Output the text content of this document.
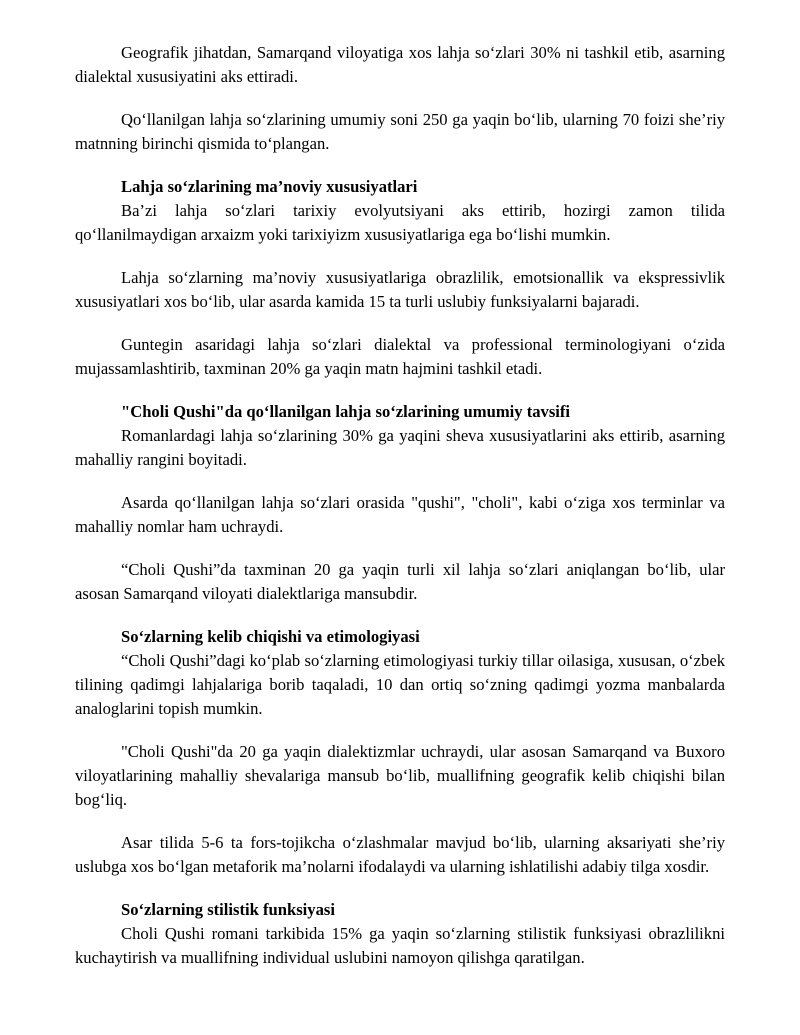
Geografik jihatdan, Samarqand viloyatiga xos lahja so‘zlari 30% ni tashkil etib, asarning dialektal xususiyatini aks ettiradi.

Qo‘llanilgan lahja so‘zlarining umumiy soni 250 ga yaqin bo‘lib, ularning 70 foizi she’riy matnning birinchi qismida to‘plangan.

Lahja so‘zlarining ma’noviy xususiyatlari

Ba’zi lahja so‘zlari tarixiy evolyutsiyani aks ettirib, hozirgi zamon tilida qo‘llanilmaydigan arxaizm yoki tarixiyizm xususiyatlariga ega bo‘lishi mumkin.

Lahja so‘zlarning ma’noviy xususiyatlariga obrazlilik, emotsionallik va ekspressivlik xususiyatlari xos bo‘lib, ular asarda kamida 15 ta turli uslubiy funksiyalarni bajaradi.

Guntegin asaridagi lahja so‘zlari dialektal va professional terminologiyani o‘zida mujassamlashtirib, taxminan 20% ga yaqin matn hajmini tashkil etadi.

"Choli Qushi"da qo‘llanilgan lahja so‘zlarining umumiy tavsifi

Romanlardagi lahja so‘zlarining 30% ga yaqini sheva xususiyatlarini aks ettirib, asarning mahalliy rangini boyitadi.

Asarda qo‘llanilgan lahja so‘zlari orasida "qushi", "choli", kabi o‘ziga xos terminlar va mahalliy nomlar ham uchraydi.

“Choli Qushi”da taxminan 20 ga yaqin turli xil lahja so‘zlari aniqlangan bo‘lib, ular asosan Samarqand viloyati dialektlariga mansubdir.

So‘zlarning kelib chiqishi va etimologiyasi

“Choli Qushi”dagi ko‘plab so‘zlarning etimologiyasi turkiy tillar oilasiga, xususan, o‘zbek tilining qadimgi lahjalariga borib taqaladi, 10 dan ortiq so‘zning qadimgi yozma manbalarda analoglarini topish mumkin.

"Choli Qushi"da 20 ga yaqin dialektizmlar uchraydi, ular asosan Samarqand va Buxoro viloyatlarining mahalliy shevalariga mansub bo‘lib, muallifning geografik kelib chiqishi bilan bog‘liq.

Asar tilida 5-6 ta fors-tojikcha o‘zlashmalar mavjud bo‘lib, ularning aksariyati she’riy uslubga xos bo‘lgan metaforik ma’nolarni ifodalaydi va ularning ishlatilishi adabiy tilga xosdir.

So‘zlarning stilistik funksiyasi

Choli Qushi romani tarkibida 15% ga yaqin so‘zlarning stilistik funksiyasi obrazlilikni kuchaytirish va muallifning individual uslubini namoyon qilishga qaratilgan.
